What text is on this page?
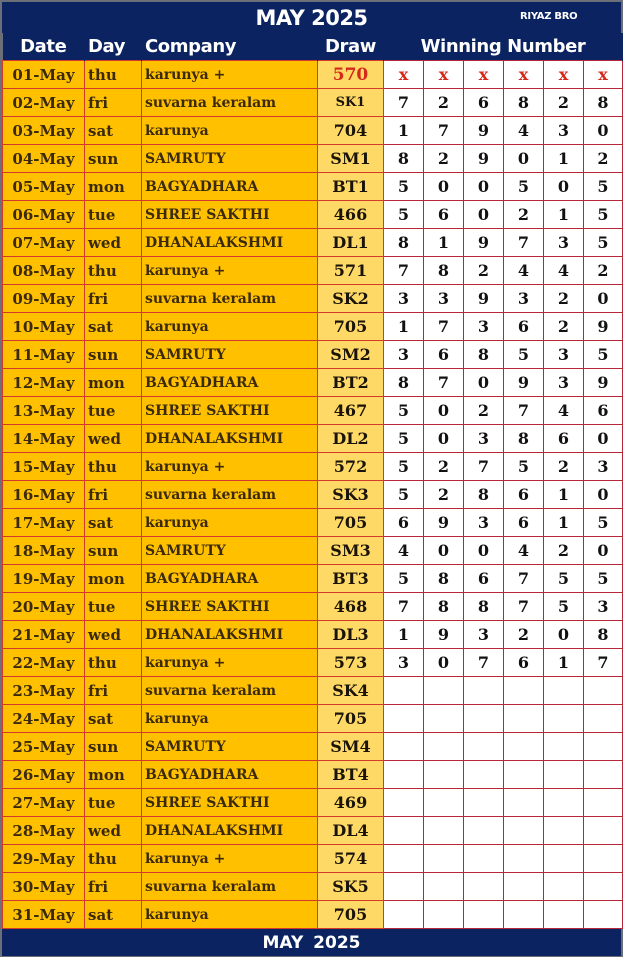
MAY 2025	RIYAZ BRO
Date	Day	Company	Draw	Winning Number					
01-May	thu	karunya +	570	x	x	x	x	x	x
02-May	fri	suvarna keralam	SK1	7	2	6	8	2	8
03-May	sat	karunya	704	1	7	9	4	3	0
04-May	sun	SAMRUTY	SM1	8	2	9	0	1	2
05-May	mon	BAGYADHARA	BT1	5	0	0	5	0	5
06-May	tue	SHREE SAKTHI	466	5	6	0	2	1	5
07-May	wed	DHANALAKSHMI	DL1	8	1	9	7	3	5
08-May	thu	karunya +	571	7	8	2	4	4	2
09-May	fri	suvarna keralam	SK2	3	3	9	3	2	0
10-May	sat	karunya	705	1	7	3	6	2	9
11-May	sun	SAMRUTY	SM2	3	6	8	5	3	5
12-May	mon	BAGYADHARA	BT2	8	7	0	9	3	9
13-May	tue	SHREE SAKTHI	467	5	0	2	7	4	6
14-May	wed	DHANALAKSHMI	DL2	5	0	3	8	6	0
15-May	thu	karunya +	572	5	2	7	5	2	3
16-May	fri	suvarna keralam	SK3	5	2	8	6	1	0
17-May	sat	karunya	705	6	9	3	6	1	5
18-May	sun	SAMRUTY	SM3	4	0	0	4	2	0
19-May	mon	BAGYADHARA	BT3	5	8	6	7	5	5
20-May	tue	SHREE SAKTHI	468	7	8	8	7	5	3
21-May	wed	DHANALAKSHMI	DL3	1	9	3	2	0	8
22-May	thu	karunya +	573	3	0	7	6	1	7
23-May	fri	suvarna keralam	SK4						
24-May	sat	karunya	705						
25-May	sun	SAMRUTY	SM4						
26-May	mon	BAGYADHARA	BT4						
27-May	tue	SHREE SAKTHI	469						
28-May	wed	DHANALAKSHMI	DL4						
29-May	thu	karunya +	574						
30-May	fri	suvarna keralam	SK5						
31-May	sat	karunya	705						
MAY 2025
